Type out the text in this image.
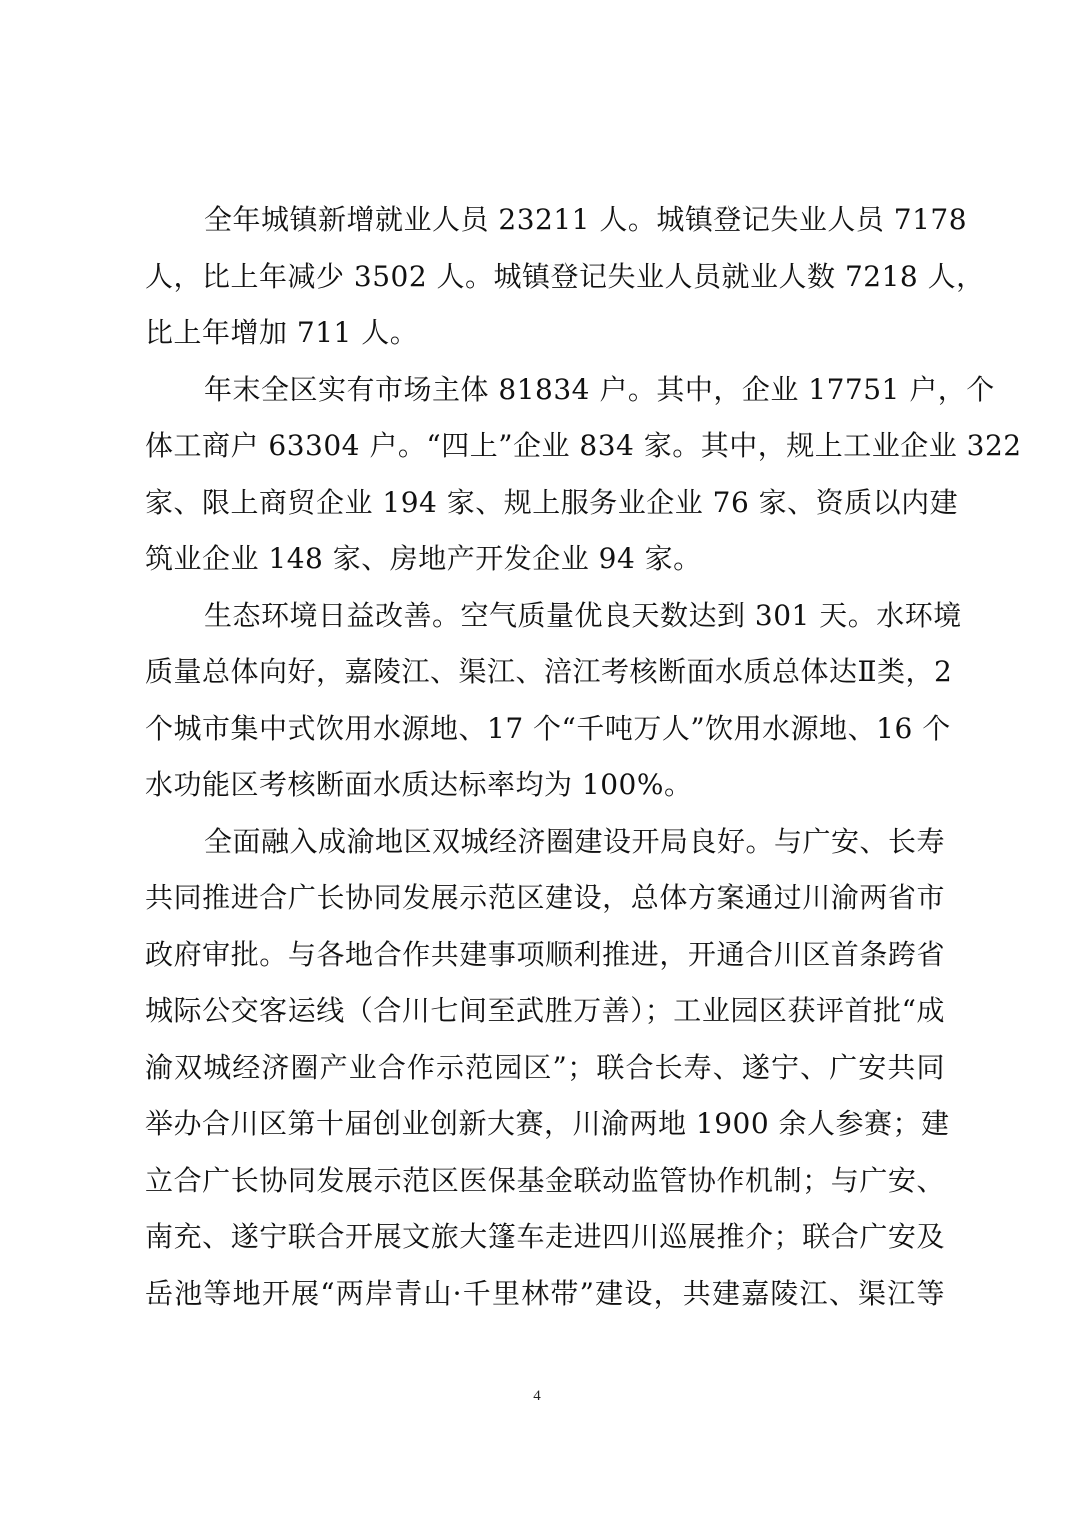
全年城镇新增就业人员 23211 人。城镇登记失业人员 7178
人，比上年减少 3502 人。城镇登记失业人员就业人数 7218 人，
比上年增加 711 人。
年末全区实有市场主体 81834 户。其中，企业 17751 户，个
体工商户 63304 户。“四上”企业 834 家。其中，规上工业企业 322
家、限上商贸企业 194 家、规上服务业企业 76 家、资质以内建
筑业企业 148 家、房地产开发企业 94 家。
生态环境日益改善。空气质量优良天数达到 301 天。水环境
质量总体向好，嘉陵江、渠江、涪江考核断面水质总体达Ⅱ类，2
个城市集中式饮用水源地、17 个“千吨万人”饮用水源地、16 个
水功能区考核断面水质达标率均为 100%。
全面融入成渝地区双城经济圈建设开局良好。与广安、长寿
共同推进合广长协同发展示范区建设，总体方案通过川渝两省市
政府审批。与各地合作共建事项顺利推进，开通合川区首条跨省
城际公交客运线（合川七间至武胜万善）；工业园区获评首批“成
渝双城经济圈产业合作示范园区”；联合长寿、遂宁、广安共同
举办合川区第十届创业创新大赛，川渝两地 1900 余人参赛；建
立合广长协同发展示范区医保基金联动监管协作机制；与广安、
南充、遂宁联合开展文旅大篷车走进四川巡展推介；联合广安及
岳池等地开展“两岸青山·千里林带”建设，共建嘉陵江、渠江等
4
